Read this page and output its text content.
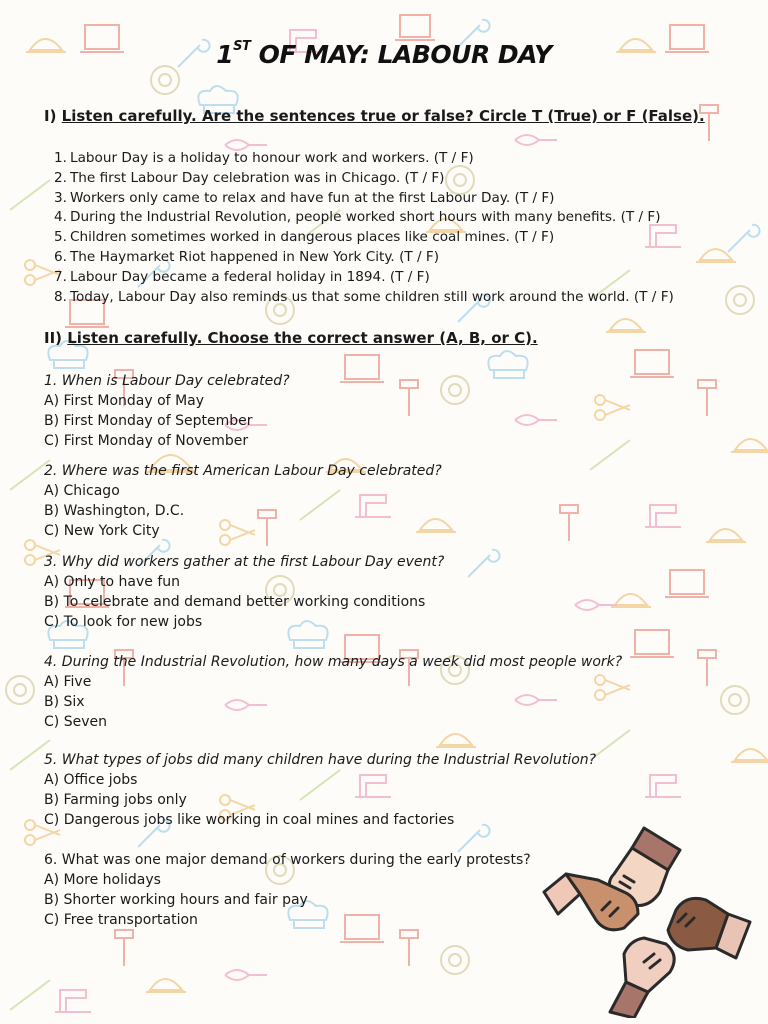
1ST OF MAY: LABOUR DAY

I) Listen carefully. Are the sentences true or false? Circle T (True) or F (False).

1. Labour Day is a holiday to honour work and workers. (T / F)
2. The first Labour Day celebration was in Chicago. (T / F)
3. Workers only came to relax and have fun at the first Labour Day. (T / F)
4. During the Industrial Revolution, people worked short hours with many benefits. (T / F)
5. Children sometimes worked in dangerous places like coal mines. (T / F)
6. The Haymarket Riot happened in New York City. (T / F)
7. Labour Day became a federal holiday in 1894. (T / F)
8. Today, Labour Day also reminds us that some children still work around the world. (T / F)

II) Listen carefully. Choose the correct answer (A, B, or C).

1. When is Labour Day celebrated?
A) First Monday of May
B) First Monday of September
C) First Monday of November
2. Where was the first American Labour Day celebrated?
A) Chicago
B) Washington, D.C.
C) New York City
3. Why did workers gather at the first Labour Day event?
A) Only to have fun
B) To celebrate and demand better working conditions
C) To look for new jobs
4. During the Industrial Revolution, how many days a week did most people work?
A) Five
B) Six
C) Seven
5. What types of jobs did many children have during the Industrial Revolution?
A) Office jobs
B) Farming jobs only
C) Dangerous jobs like working in coal mines and factories
6. What was one major demand of workers during the early protests?
A) More holidays
B) Shorter working hours and fair pay
C) Free transportation
